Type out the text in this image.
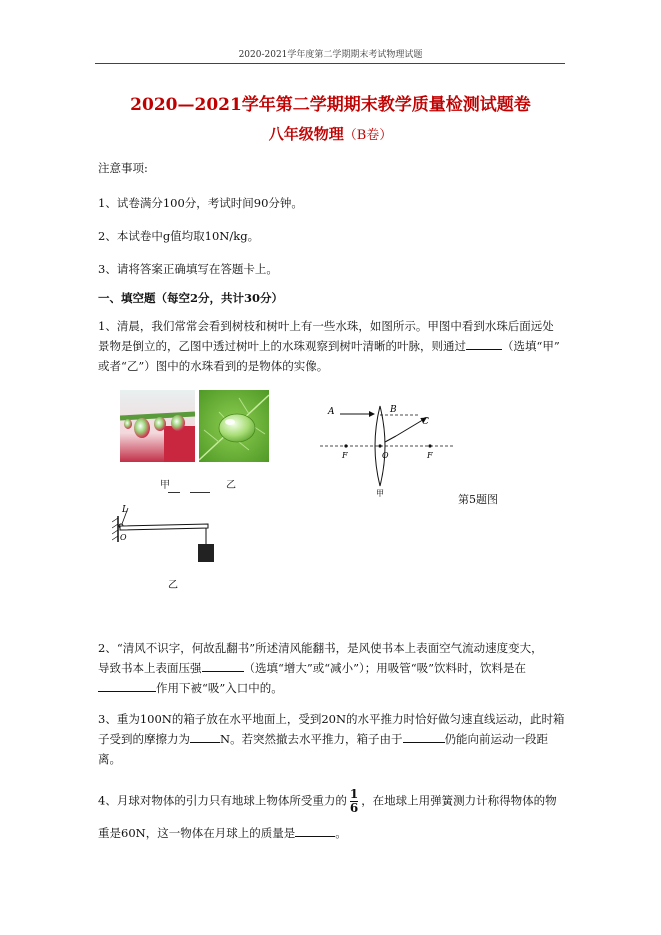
2020-2021学年度第二学期期末考试物理试题
2020—2021学年第二学期期末教学质量检测试题卷
八年级物理（B卷）
注意事项:
1、试卷满分100分，考试时间90分钟。
2、本试卷中g值均取10N/kg。
3、请将答案正确填写在答题卡上。
一、填空题（每空2分，共计30分）
1、清晨，我们常常会看到树枝和树叶上有一些水珠，如图所示。甲图中看到水珠后面远处
景物是倒立的，乙图中透过树叶上的水珠观察到树叶清晰的叶脉，则通过	（选填“甲”
或者“乙”）图中的水珠看到的是物体的实像。
甲	乙
A	B
C
F	O	F
甲	第5题图
L
O
乙
2、“清风不识字，何故乱翻书”所述清风能翻书，是风使书本上表面空气流动速度变大，
导致书本上表面压强	（选填“增大”或“减小”）；用吸管“吸”饮料时，饮料是在
作用下被“吸”入口中的。
3、重为100N的箱子放在水平地面上，受到20N的水平推力时恰好做匀速直线运动，此时箱
子受到的摩擦力为	N。若突然撤去水平推力，箱子由于	仍能向前运动一段距
离。
4、月球对物体的引力只有地球上物体所受重力的 $\frac{1}{6}$ ，在地球上用弹簧测力计称得物体的物
重是60N，这一物体在月球上的质量是	。
